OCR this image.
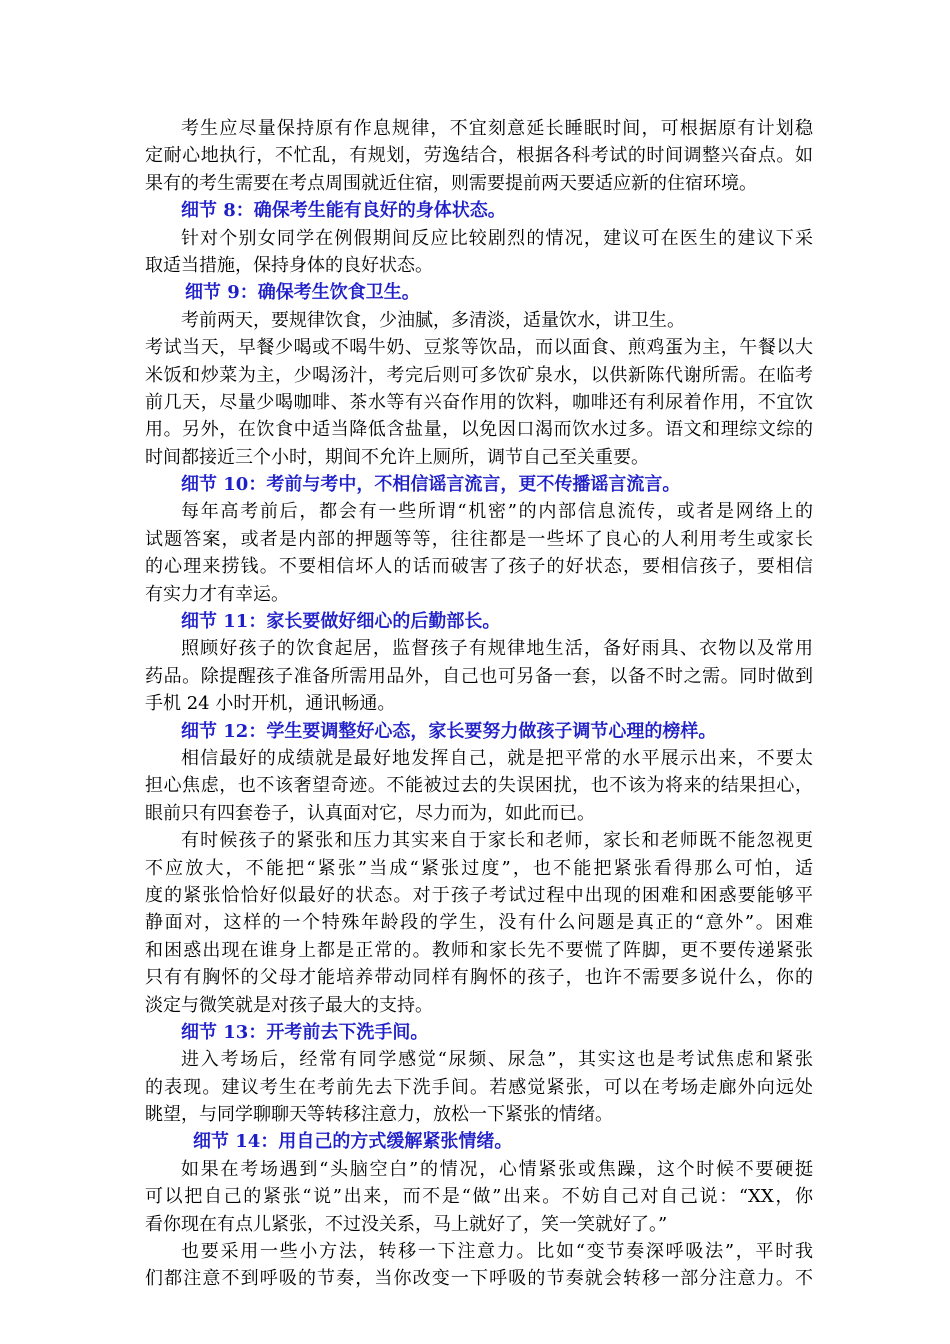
考生应尽量保持原有作息规律，不宜刻意延长睡眠时间，可根据原有计划稳
定耐心地执行，不忙乱，有规划，劳逸结合，根据各科考试的时间调整兴奋点。如
果有的考生需要在考点周围就近住宿，则需要提前两天要适应新的住宿环境。
细节 8：确保考生能有良好的身体状态。
针对个别女同学在例假期间反应比较剧烈的情况，建议可在医生的建议下采
取适当措施，保持身体的良好状态。
细节 9：确保考生饮食卫生。
考前两天，要规律饮食，少油腻，多清淡，适量饮水，讲卫生。
考试当天，早餐少喝或不喝牛奶、豆浆等饮品，而以面食、煎鸡蛋为主，午餐以大
米饭和炒菜为主，少喝汤汁，考完后则可多饮矿泉水，以供新陈代谢所需。在临考
前几天，尽量少喝咖啡、茶水等有兴奋作用的饮料，咖啡还有利尿着作用，不宜饮
用。另外，在饮食中适当降低含盐量，以免因口渴而饮水过多。语文和理综文综的
时间都接近三个小时，期间不允许上厕所，调节自己至关重要。
细节 10：考前与考中，不相信谣言流言，更不传播谣言流言。
每年高考前后，都会有一些所谓“机密”的内部信息流传，或者是网络上的
试题答案，或者是内部的押题等等，往往都是一些坏了良心的人利用考生或家长
的心理来捞钱。不要相信坏人的话而破害了孩子的好状态，要相信孩子，要相信
有实力才有幸运。
细节 11：家长要做好细心的后勤部长。
照顾好孩子的饮食起居，监督孩子有规律地生活，备好雨具、衣物以及常用
药品。除提醒孩子准备所需用品外，自己也可另备一套，以备不时之需。同时做到
手机 24 小时开机，通讯畅通。
细节 12：学生要调整好心态，家长要努力做孩子调节心理的榜样。
相信最好的成绩就是最好地发挥自己，就是把平常的水平展示出来，不要太
担心焦虑，也不该奢望奇迹。不能被过去的失误困扰，也不该为将来的结果担心，
眼前只有四套卷子，认真面对它，尽力而为，如此而已。
有时候孩子的紧张和压力其实来自于家长和老师，家长和老师既不能忽视更
不应放大，不能把“紧张”当成“紧张过度”，也不能把紧张看得那么可怕，适
度的紧张恰恰好似最好的状态。对于孩子考试过程中出现的困难和困惑要能够平
静面对，这样的一个特殊年龄段的学生，没有什么问题是真正的“意外”。困难
和困惑出现在谁身上都是正常的。教师和家长先不要慌了阵脚，更不要传递紧张
只有有胸怀的父母才能培养带动同样有胸怀的孩子，也许不需要多说什么，你的
淡定与微笑就是对孩子最大的支持。
细节 13：开考前去下洗手间。
进入考场后，经常有同学感觉“尿频、尿急”，其实这也是考试焦虑和紧张
的表现。建议考生在考前先去下洗手间。若感觉紧张，可以在考场走廊外向远处
眺望，与同学聊聊天等转移注意力，放松一下紧张的情绪。
细节 14：用自己的方式缓解紧张情绪。
如果在考场遇到“头脑空白”的情况，心情紧张或焦躁，这个时候不要硬挺
可以把自己的紧张“说”出来，而不是“做”出来。不妨自己对自己说：“XX，你
看你现在有点儿紧张，不过没关系，马上就好了，笑一笑就好了。”
也要采用一些小方法，转移一下注意力。比如“变节奏深呼吸法”，平时我
们都注意不到呼吸的节奏，当你改变一下呼吸的节奏就会转移一部分注意力。不
